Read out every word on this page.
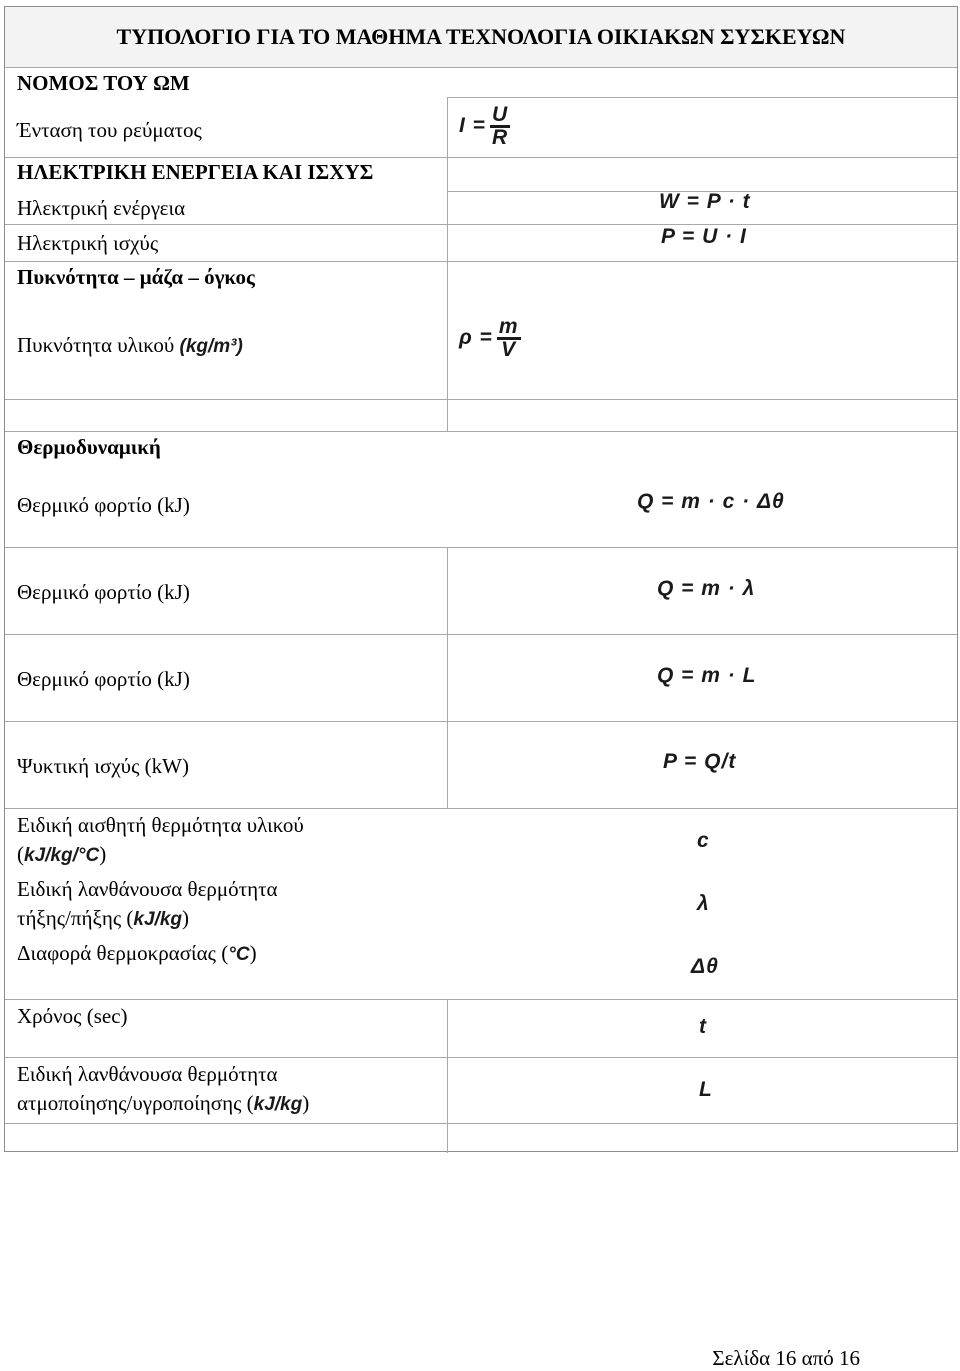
ΤΥΠΟΛΟΓΙΟ ΓΙΑ ΤΟ ΜΑΘΗΜΑ ΤΕΧΝΟΛΟΓΙΑ ΟΙΚΙΑΚΩΝ ΣΥΣΚΕΥΩΝ
ΝΟΜΟΣ ΤΟΥ ΩΜ
Ένταση του ρεύματος
ΗΛΕΚΤΡΙΚΗ ΕΝΕΡΓΕΙΑ ΚΑΙ ΙΣΧΥΣ
Ηλεκτρική ενέργεια
Ηλεκτρική ισχύς
Πυκνότητα – μάζα – όγκος
Πυκνότητα υλικού (kg/m³)
Θερμοδυναμική
Θερμικό φορτίο (kJ)
Θερμικό φορτίο (kJ)
Θερμικό φορτίο (kJ)
Ψυκτική ισχύς (kW)
Ειδική αισθητή θερμότητα υλικού
(kJ/kg/°C)
Ειδική λανθάνουσα θερμότητα
τήξης/πήξης (kJ/kg)
Διαφορά θερμοκρασίας (°C)
Χρόνος (sec)
Ειδική λανθάνουσα θερμότητα
ατμοποίησης/υγροποίησης (kJ/kg)
$I = \frac{U}{R}$
W = P · t
P = U · I
$\rho = \frac{m}{V}$
Q = m · c · Δθ
Q = m · λ
Q = m · L
P = Q/t
c
λ
Δθ
t
L
Σελίδα 16 από 16
